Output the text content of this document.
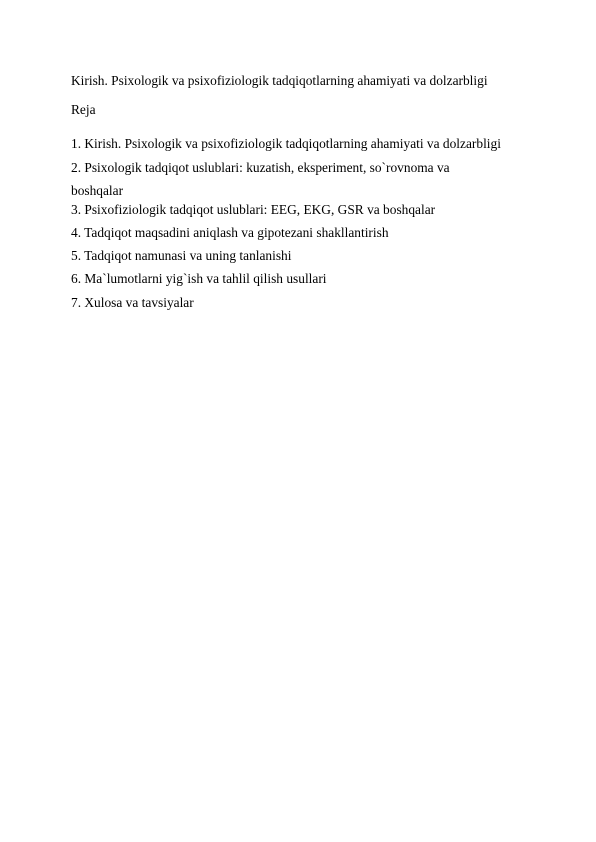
Kirish. Psixologik va psixofiziologik tadqiqotlarning ahamiyati va dolzarbligi
Reja
1. Kirish. Psixologik va psixofiziologik tadqiqotlarning ahamiyati va dolzarbligi
2. Psixologik tadqiqot uslublari: kuzatish, eksperiment, so`rovnoma va boshqalar
3. Psixofiziologik tadqiqot uslublari: EEG, EKG, GSR va boshqalar
4. Tadqiqot maqsadini aniqlash va gipotezani shakllantirish
5. Tadqiqot namunasi va uning tanlanishi
6. Ma`lumotlarni yig`ish va tahlil qilish usullari
7. Xulosa va tavsiyalar
